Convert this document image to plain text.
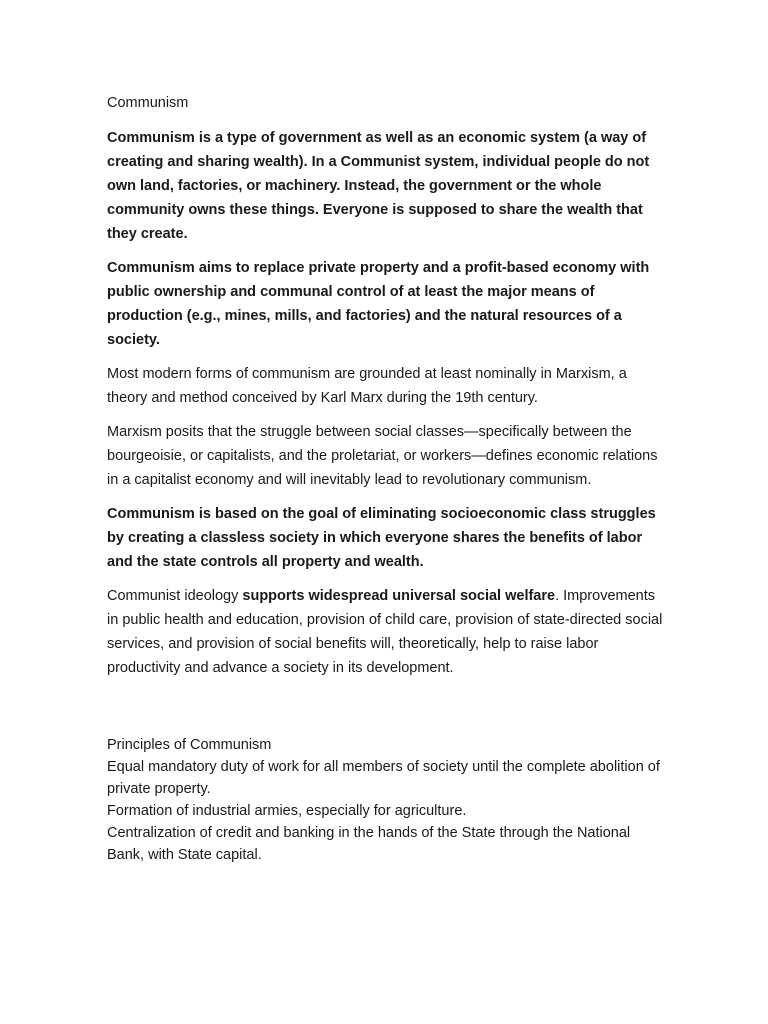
Communism

Communism is a type of government as well as an economic system (a way of creating and sharing wealth). In a Communist system, individual people do not own land, factories, or machinery. Instead, the government or the whole community owns these things. Everyone is supposed to share the wealth that they create.

Communism aims to replace private property and a profit-based economy with public ownership and communal control of at least the major means of production (e.g., mines, mills, and factories) and the natural resources of a society.

Most modern forms of communism are grounded at least nominally in Marxism, a theory and method conceived by Karl Marx during the 19th century.

Marxism posits that the struggle between social classes—specifically between the bourgeoisie, or capitalists, and the proletariat, or workers—defines economic relations in a capitalist economy and will inevitably lead to revolutionary communism.

Communism is based on the goal of eliminating socioeconomic class struggles by creating a classless society in which everyone shares the benefits of labor and the state controls all property and wealth.

Communist ideology supports widespread universal social welfare. Improvements in public health and education, provision of child care, provision of state-directed social services, and provision of social benefits will, theoretically, help to raise labor productivity and advance a society in its development.

Principles of Communism

Equal mandatory duty of work for all members of society until the complete abolition of private property.

Formation of industrial armies, especially for agriculture.

Centralization of credit and banking in the hands of the State through the National Bank, with State capital.
